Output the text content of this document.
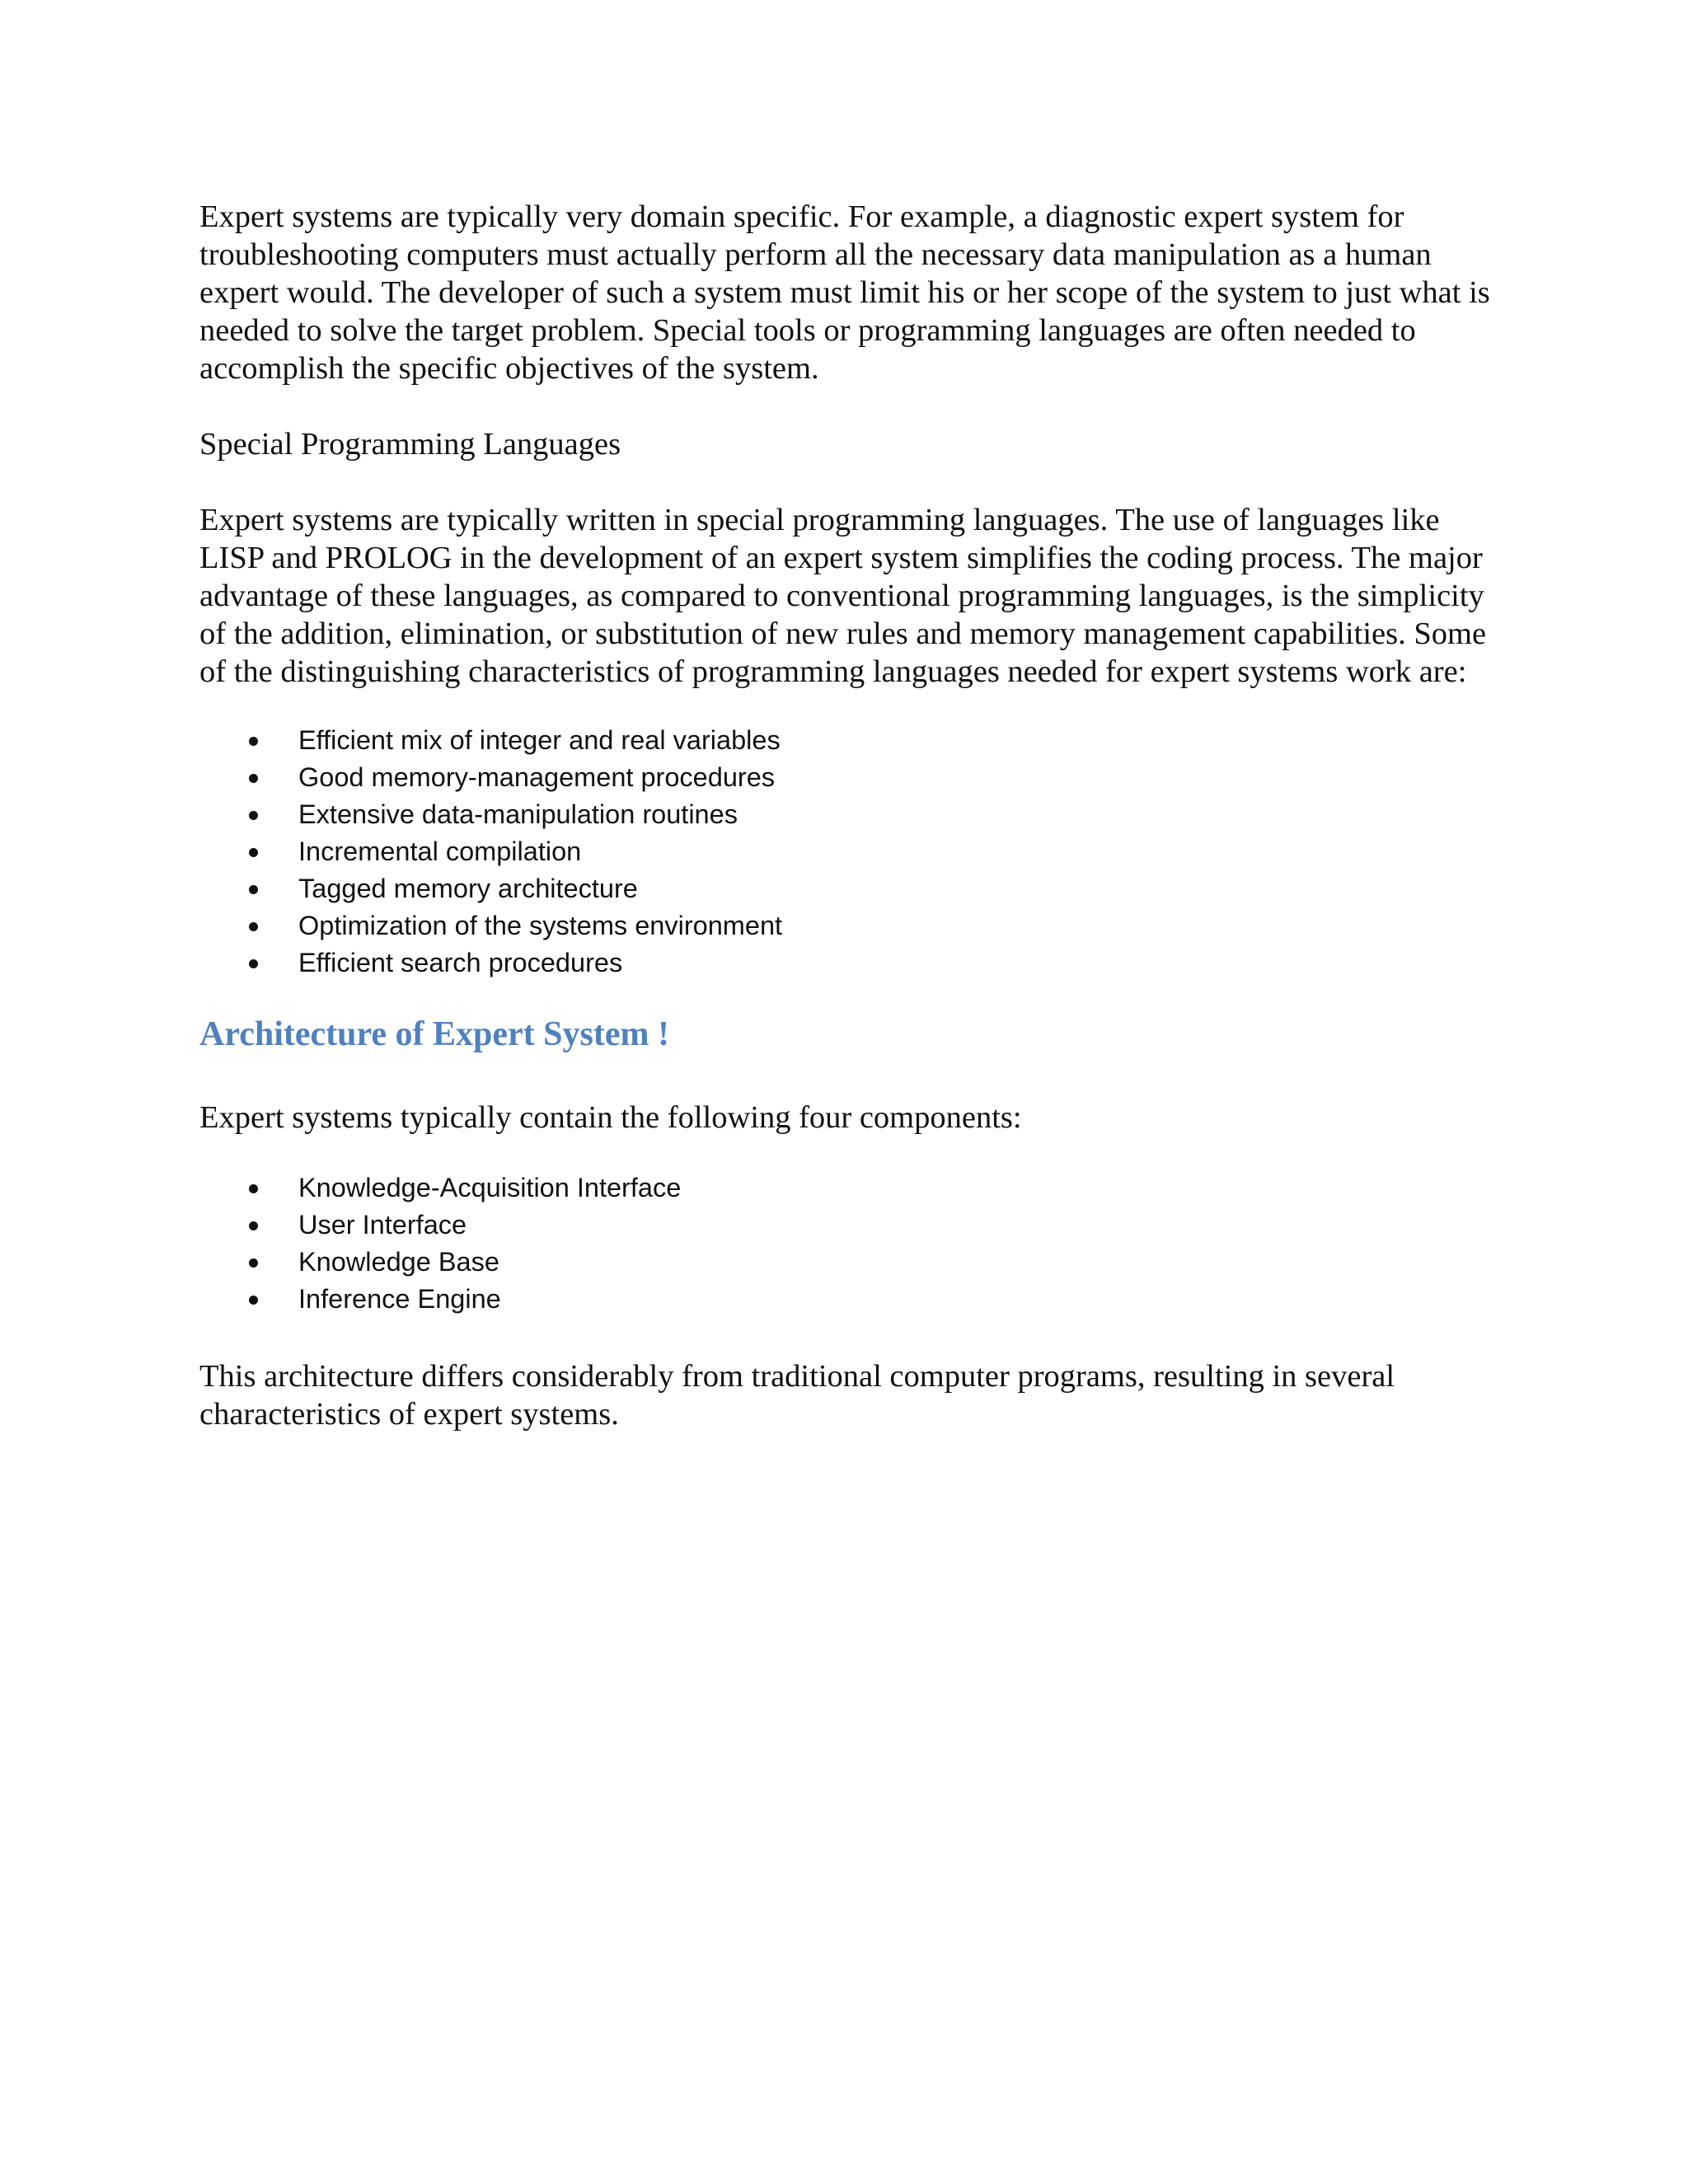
Expert systems are typically very domain specific. For example, a diagnostic expert system for troubleshooting computers must actually perform all the necessary data manipulation as a human expert would. The developer of such a system must limit his or her scope of the system to just what is needed to solve the target problem. Special tools or programming languages are often needed to accomplish the specific objectives of the system.

Special Programming Languages

Expert systems are typically written in special programming languages. The use of languages like LISP and PROLOG in the development of an expert system simplifies the coding process. The major advantage of these languages, as compared to conventional programming languages, is the simplicity of the addition, elimination, or substitution of new rules and memory management capabilities. Some of the distinguishing characteristics of programming languages needed for expert systems work are:

Efficient mix of integer and real variables
Good memory-management procedures
Extensive data-manipulation routines
Incremental compilation
Tagged memory architecture
Optimization of the systems environment
Efficient search procedures
Architecture of Expert System !

Expert systems typically contain the following four components:

Knowledge-Acquisition Interface
User Interface
Knowledge Base
Inference Engine

This architecture differs considerably from traditional computer programs, resulting in several characteristics of expert systems.
